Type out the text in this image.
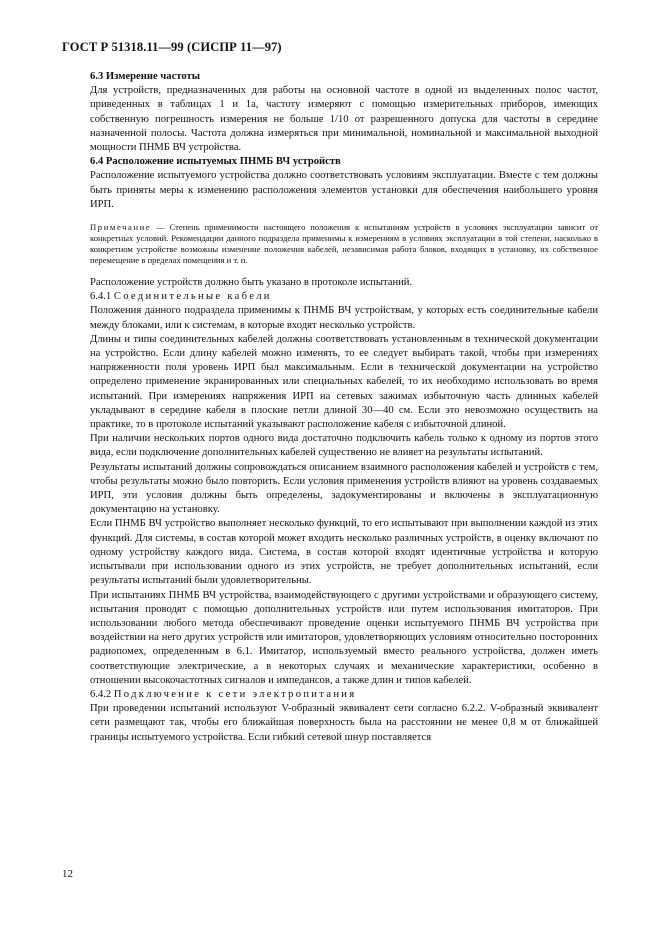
ГОСТ Р 51318.11—99 (СИСПР 11—97)

6.3 Измерение частоты

Для устройств, предназначенных для работы на основной частоте в одной из выделенных полос частот, приведенных в таблицах 1 и 1а, частоту измеряют с помощью измерительных приборов, имеющих собственную погрешность измерения не больше 1/10 от разрешенного допуска для частоты в середине назначенной полосы. Частота должна измеряться при минимальной, номинальной и максимальной выходной мощности ПНМБ ВЧ устройства.

6.4 Расположение испытуемых ПНМБ ВЧ устройств

Расположение испытуемого устройства должно соответствовать условиям эксплуатации. Вместе с тем должны быть приняты меры к изменению расположения элементов установки для обеспечения наибольшего уровня ИРП.

Примечание — Степень применимости настоящего положения к испытаниям устройств в условиях эксплуатации зависит от конкретных условий. Рекомендации данного подраздела применимы к измерениям в условиях эксплуатации в той степени, насколько в конкретном устройстве возможны изменение положения кабелей, независимая работа блоков, входящих в установку, их собственное перемещение в пределах помещения и т. п.

Расположение устройств должно быть указано в протоколе испытаний.

6.4.1 Соединительные кабели

Положения данного подраздела применимы к ПНМБ ВЧ устройствам, у которых есть соединительные кабели между блоками, или к системам, в которые входят несколько устройств.

Длины и типы соединительных кабелей должны соответствовать установленным в технической документации на устройство. Если длину кабелей можно изменять, то ее следует выбирать такой, чтобы при измерениях напряженности поля уровень ИРП был максимальным. Если в технической документации на устройство определено применение экранированных или специальных кабелей, то их необходимо использовать во время испытаний. При измерениях напряжения ИРП на сетевых зажимах избыточную часть длинных кабелей укладывают в середине кабеля в плоские петли длиной 30—40 см. Если это невозможно осуществить на практике, то в протоколе испытаний указывают расположение кабеля с избыточной длиной.

При наличии нескольких портов одного вида достаточно подключить кабель только к одному из портов этого вида, если подключение дополнительных кабелей существенно не влияет на результаты испытаний.

Результаты испытаний должны сопровождаться описанием взаимного расположения кабелей и устройств с тем, чтобы результаты можно было повторить. Если условия применения устройств влияют на уровень создаваемых ИРП, эти условия должны быть определены, задокументированы и включены в эксплуатационную документацию на установку.

Если ПНМБ ВЧ устройство выполняет несколько функций, то его испытывают при выполнении каждой из этих функций. Для системы, в состав которой может входить несколько различных устройств, в оценку включают по одному устройству каждого вида. Система, в состав которой входят идентичные устройства и которую испытывали при использовании одного из этих устройств, не требует дополнительных испытаний, если результаты испытаний были удовлетворительны.

При испытаниях ПНМБ ВЧ устройства, взаимодействующего с другими устройствами и образующего систему, испытания проводят с помощью дополнительных устройств или путем использования имитаторов. При использовании любого метода обеспечивают проведение оценки испытуемого ПНМБ ВЧ устройства при воздействии на него других устройств или имитаторов, удовлетворяющих условиям относительно посторонних радиопомех, определенным в 6.1. Имитатор, используемый вместо реального устройства, должен иметь соответствующие электрические, а в некоторых случаях и механические характеристики, особенно в отношении высокочастотных сигналов и импедансов, а также длин и типов кабелей.

6.4.2 Подключение к сети электропитания

При проведении испытаний используют V-образный эквивалент сети согласно 6.2.2. V-образный эквивалент сети размещают так, чтобы его ближайшая поверхность была на расстоянии не менее 0,8 м от ближайшей границы испытуемого устройства. Если гибкий сетевой шнур поставляется

12
